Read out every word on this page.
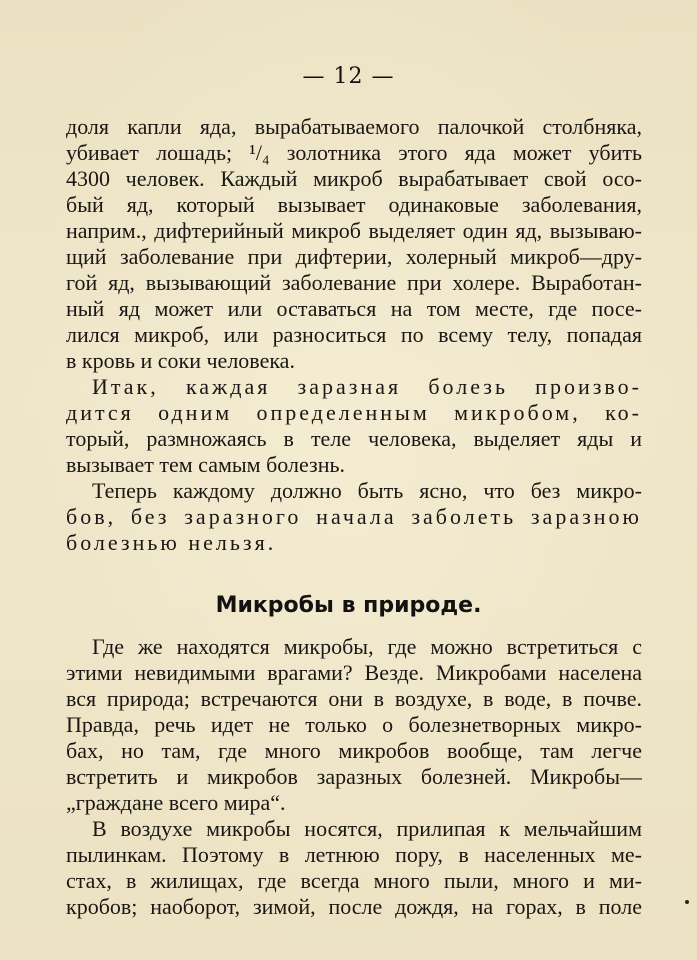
— 12 —
доля капли яда, вырабатываемого палочкой столбняка,
убивает лошадь; ¹/₄ золотника этого яда может убить
4300 человек. Каждый микроб вырабатывает свой осо-
бый яд, который вызывает одинаковые заболевания,
наприм., дифтерийный микроб выделяет один яд, вызываю-
щий заболевание при дифтерии, холерный микроб—дру-
гой яд, вызывающий заболевание при холере. Выработан-
ный яд может или оставаться на том месте, где посе-
лился микроб, или разноситься по всему телу, попадая
в кровь и соки человека.
Итак, каждая заразная болезь произво-
дится одним определенным микробом, ко-
торый, размножаясь в теле человека, выделяет яды и
вызывает тем самым болезнь.
Теперь каждому должно быть ясно, что без микро-
бов, без заразного начала заболеть заразною
болезнью нельзя.
Микробы в природе.
Где же находятся микробы, где можно встретиться с
этими невидимыми врагами? Везде. Микробами населена
вся природа; встречаются они в воздухе, в воде, в почве.
Правда, речь идет не только о болезнетворных микро-
бах, но там, где много микробов вообще, там легче
встретить и микробов заразных болезней. Микробы—
„граждане всего мира“.
В воздухе микробы носятся, прилипая к мельчайшим
пылинкам. Поэтому в летнюю пору, в населенных ме-
стах, в жилищах, где всегда много пыли, много и ми-
кробов; наоборот, зимой, после дождя, на горах, в поле
